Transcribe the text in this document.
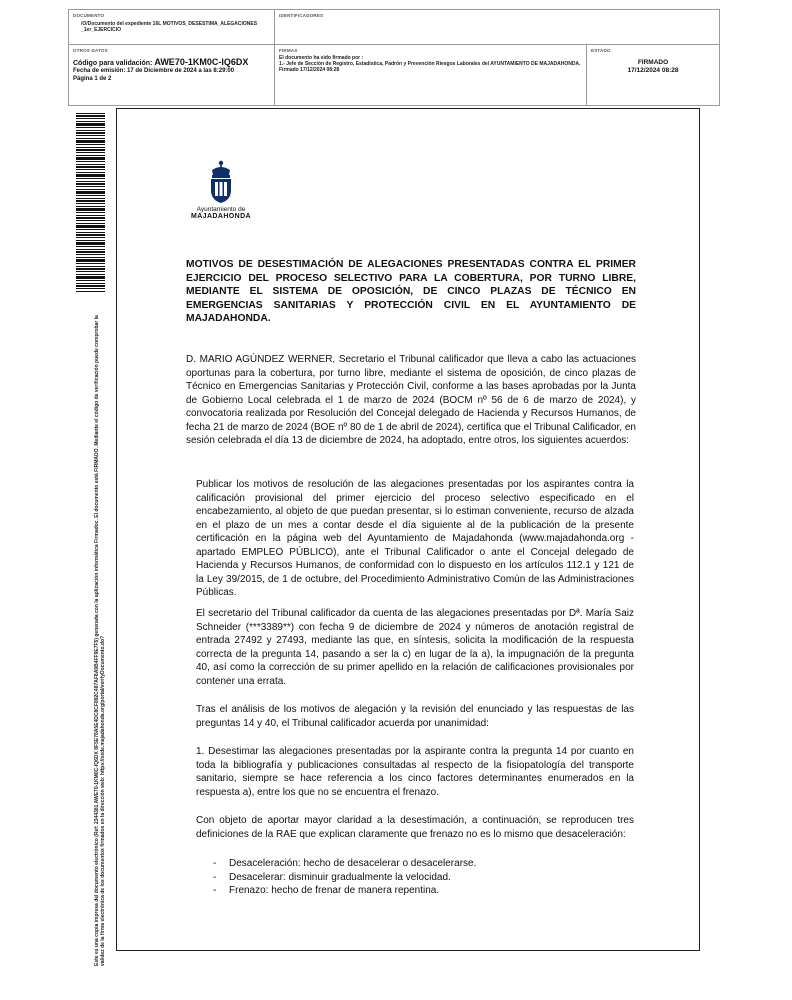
DOCUMENTO
/O/Documento del expediente 16L MOTIVOS_DESESTIMA_ALEGACIONES _1er_EJERCICIO
IDENTIFICADORES
OTROS DATOS
Código para validación: AWE70-1KM0C-IQ6DX
Fecha de emisión: 17 de Diciembre de 2024 a las 8:29:00
Página 1 de 2
FIRMAS
El documento ha sido firmado por :
1.- Jefe de Sección de Registro, Estadística, Padrón y Prevención Riesgos Laborales del AYUNTAMIENTO DE MAJADAHONDA. Firmado 17/12/2024 08:28
ESTADO
FIRMADO
17/12/2024 08:28
Este es una copia impresa del documento electrónico (Ref: 2344381 AWE70-1KM0C-IQ6DX 8F5E78A5E4DC8CF892C487AF8A9B4FF9E7F5) generada con la aplicación informática Firmadoc. El documento está FIRMADO. Mediante el código de verificación puede comprobar la validez de la firma electrónica de los documentos firmados en la dirección web: https://sede.majadahonda.org/portal/verifyDocumento.do?
Ayuntamiento de
MAJADAHONDA
MOTIVOS DE DESESTIMACIÓN DE ALEGACIONES PRESENTADAS CONTRA EL PRIMER EJERCICIO DEL PROCESO SELECTIVO PARA LA COBERTURA, POR TURNO LIBRE, MEDIANTE EL SISTEMA DE OPOSICIÓN, DE CINCO PLAZAS DE TÉCNICO EN EMERGENCIAS SANITARIAS Y PROTECCIÓN CIVIL EN EL AYUNTAMIENTO DE MAJADAHONDA.

D. MARIO AGÚNDEZ WERNER, Secretario el Tribunal calificador que lleva a cabo las actuaciones oportunas para la cobertura, por turno libre, mediante el sistema de oposición, de cinco plazas de Técnico en Emergencias Sanitarias y Protección Civil, conforme a las bases aprobadas por la Junta de Gobierno Local celebrada el 1 de marzo de 2024 (BOCM nº 56 de 6 de marzo de 2024), y convocatoria realizada por Resolución del Concejal delegado de Hacienda y Recursos Humanos, de fecha 21 de marzo de 2024 (BOE nº 80 de 1 de abril de 2024), certifica que el Tribunal Calificador, en sesión celebrada el día 13 de diciembre de 2024, ha adoptado, entre otros, los siguientes acuerdos:

Publicar los motivos de resolución de las alegaciones presentadas por los aspirantes contra la calificación provisional del primer ejercicio del proceso selectivo especificado en el encabezamiento, al objeto de que puedan presentar, si lo estiman conveniente, recurso de alzada en el plazo de un mes a contar desde el día siguiente al de la publicación de la presente certificación en la página web del Ayuntamiento de Majadahonda (www.majadahonda.org - apartado EMPLEO PÚBLICO), ante el Tribunal Calificador o ante el Concejal delegado de Hacienda y Recursos Humanos, de conformidad con lo dispuesto en los artículos 112.1 y 121 de la Ley 39/2015, de 1 de octubre, del Procedimiento Administrativo Común de las Administraciones Públicas.

El secretario del Tribunal calificador da cuenta de las alegaciones presentadas por Dª. María Saiz Schneider (***3389**) con fecha 9 de diciembre de 2024 y números de anotación registral de entrada 27492 y 27493, mediante las que, en síntesis, solicita la modificación de la respuesta correcta de la pregunta 14, pasando a ser la c) en lugar de la a), la impugnación de la pregunta 40, así como la corrección de su primer apellido en la relación de calificaciones provisionales por contener una errata.

Tras el análisis de los motivos de alegación y la revisión del enunciado y las respuestas de las preguntas 14 y 40, el Tribunal calificador acuerda por unanimidad:

1. Desestimar las alegaciones presentadas por la aspirante contra la pregunta 14 por cuanto en toda la bibliografía y publicaciones consultadas al respecto de la fisiopatología del transporte sanitario, siempre se hace referencia a los cinco factores determinantes enumerados en la respuesta a), entre los que no se encuentra el frenazo.

Con objeto de aportar mayor claridad a la desestimación, a continuación, se reproducen tres definiciones de la RAE que explican claramente que frenazo no es lo mismo que desaceleración:

- Desaceleración: hecho de desacelerar o desacelerarse.
- Desacelerar: disminuir gradualmente la velocidad.
- Frenazo: hecho de frenar de manera repentina.
